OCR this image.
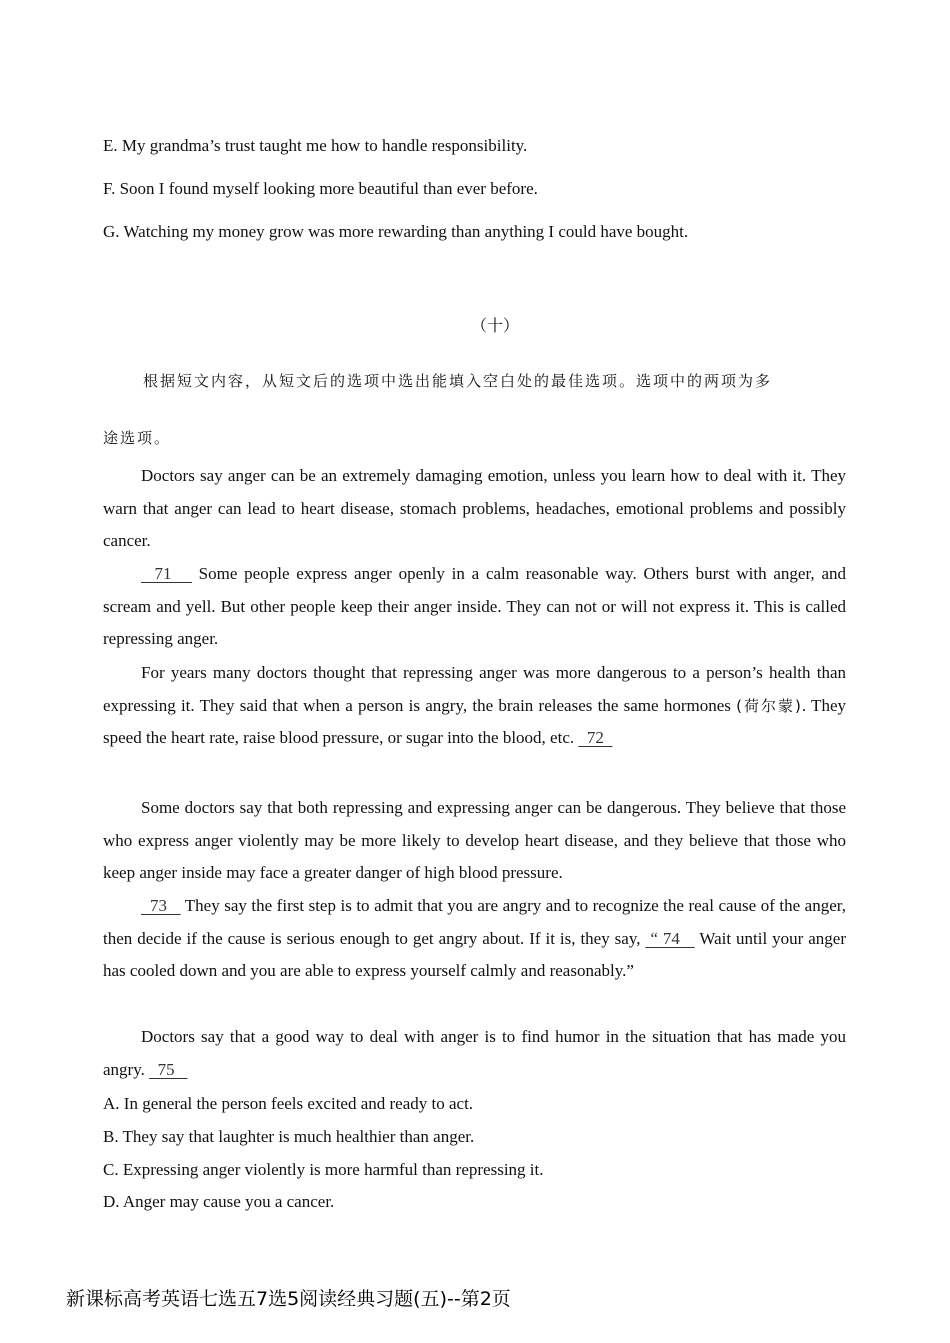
E. My grandma’s trust taught me how to handle responsibility.
F. Soon I found myself looking more beautiful than ever before.
G. Watching my money grow was more rewarding than anything I could have bought.
（十）
根据短文内容，从短文后的选项中选出能填入空白处的最佳选项。选项中的两项为多
途选项。
Doctors say anger can be an extremely damaging emotion, unless you learn how to deal with it. They warn that anger can lead to heart disease, stomach problems, headaches, emotional problems and possibly cancer.
71    Some people express anger openly in a calm reasonable way. Others burst with anger, and scream and yell. But other people keep their anger inside. They can not or will not express it. This is called repressing anger.
For years many doctors thought that repressing anger was more dangerous to a person’s health than expressing it. They said that when a person is angry, the brain releases the same hormones (荷尔蒙). They speed the heart rate, raise blood pressure, or sugar into the blood, etc.   72
Some doctors say that both repressing and expressing anger can be dangerous. They believe that those who express anger violently may be more likely to develop heart disease, and they believe that those who keep anger inside may face a greater danger of high blood pressure.
73    They say the first step is to admit that you are angry and to recognize the real cause of the anger, then decide if the cause is serious enough to get angry about. If it is, they say,  “ 74    Wait until your anger has cooled down and you are able to express yourself calmly and reasonably.”
Doctors say that a good way to deal with anger is to find humor in the situation that has made you angry.   75
A. In general the person feels excited and ready to act.
B. They say that laughter is much healthier than anger.
C. Expressing anger violently is more harmful than repressing it.
D. Anger may cause you a cancer.
新课标高考英语七选五7选5阅读经典习题(五)--第2页
